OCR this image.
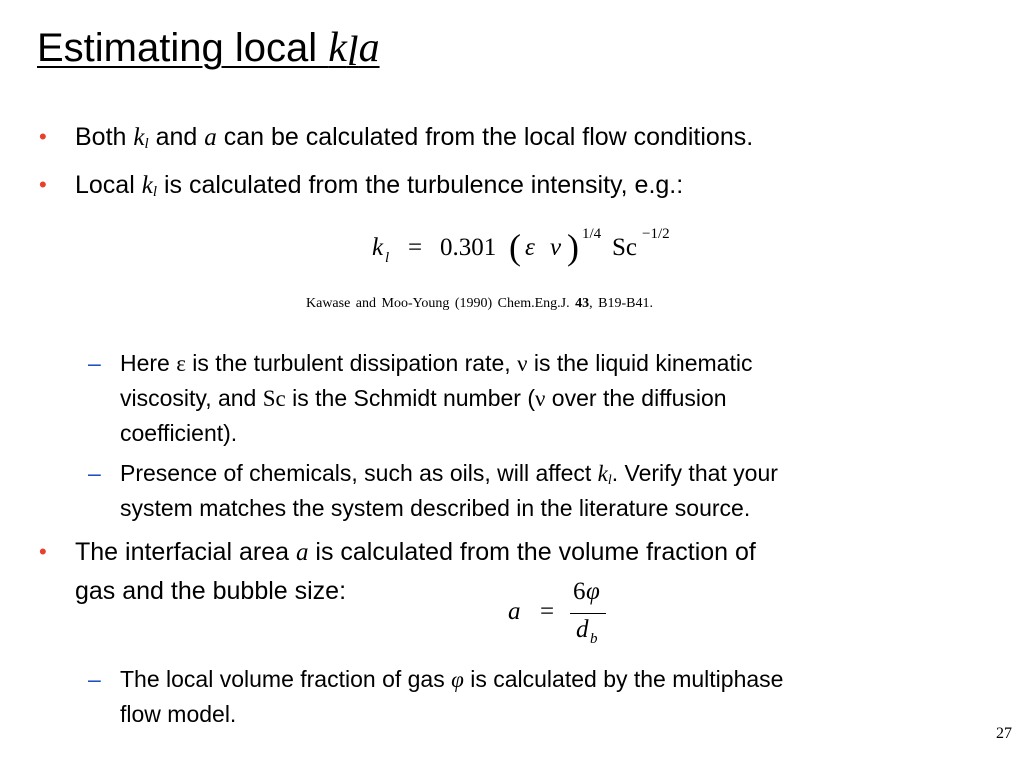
Estimating local $k_la$
• Both $k_l$ and a can be calculated from the local flow conditions.
• Local $k_l$ is calculated from the turbulence intensity, e.g.:
k l = 0.301 ( ε ν ) 1/4 Sc −1/2
Kawase and Moo-Young (1990) Chem.Eng.J. 43, B19-B41.
– Here ε is the turbulent dissipation rate, ν is the liquid kinematic
viscosity, and Sc is the Schmidt number (ν over the diffusion
coefficient).
– Presence of chemicals, such as oils, will affect $k_l$. Verify that your
system matches the system described in the literature source.
• The interfacial area a is calculated from the volume fraction of
gas and the bubble size:
a =
6 φ
d b
– The local volume fraction of gas φ is calculated by the multiphase
flow model.
27
